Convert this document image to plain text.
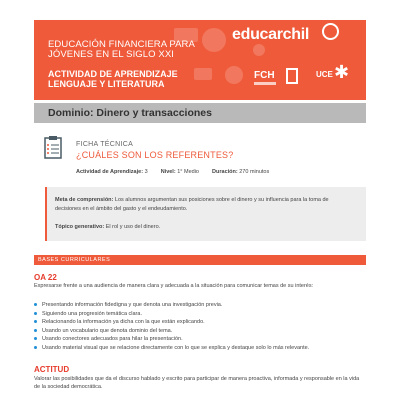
EDUCACIÓN FINANCIERA PARA
JÓVENES EN EL SIGLO XXI
ACTIVIDAD DE APRENDIZAJE
LENGUAJE Y LITERATURA
educarchil
FCH	UCE ✱
Dominio: Dinero y transacciones
FICHA TÉCNICA
¿CUÁLES SON LOS REFERENTES?
Actividad de Aprendizaje: 3 Nivel: 1° Medio Duración: 270 minutos
Meta de comprensión: Los alumnos argumentan sus posiciones sobre el dinero y su influencia para la toma de
decisiones en el ámbito del gasto y el endeudamiento.
Tópico generativo: El rol y uso del dinero.
BASES CURRICULARES
OA 22
Expresarse frente a una audiencia de manera clara y adecuada a la situación para comunicar temas de su interés:
Presentando información fidedigna y que denota una investigación previa.
Siguiendo una progresión temática clara.
Relacionando la información ya dicha con la que están explicando.
Usando un vocabulario que denota dominio del tema.
Usando conectores adecuados para hilar la presentación.
Usando material visual que se relacione directamente con lo que se explica y destaque solo lo más relevante.
ACTITUD
Valorar las posibilidades que da el discurso hablado y escrito para participar de manera proactiva, informada y responsable en la vida de la sociedad democrática.
